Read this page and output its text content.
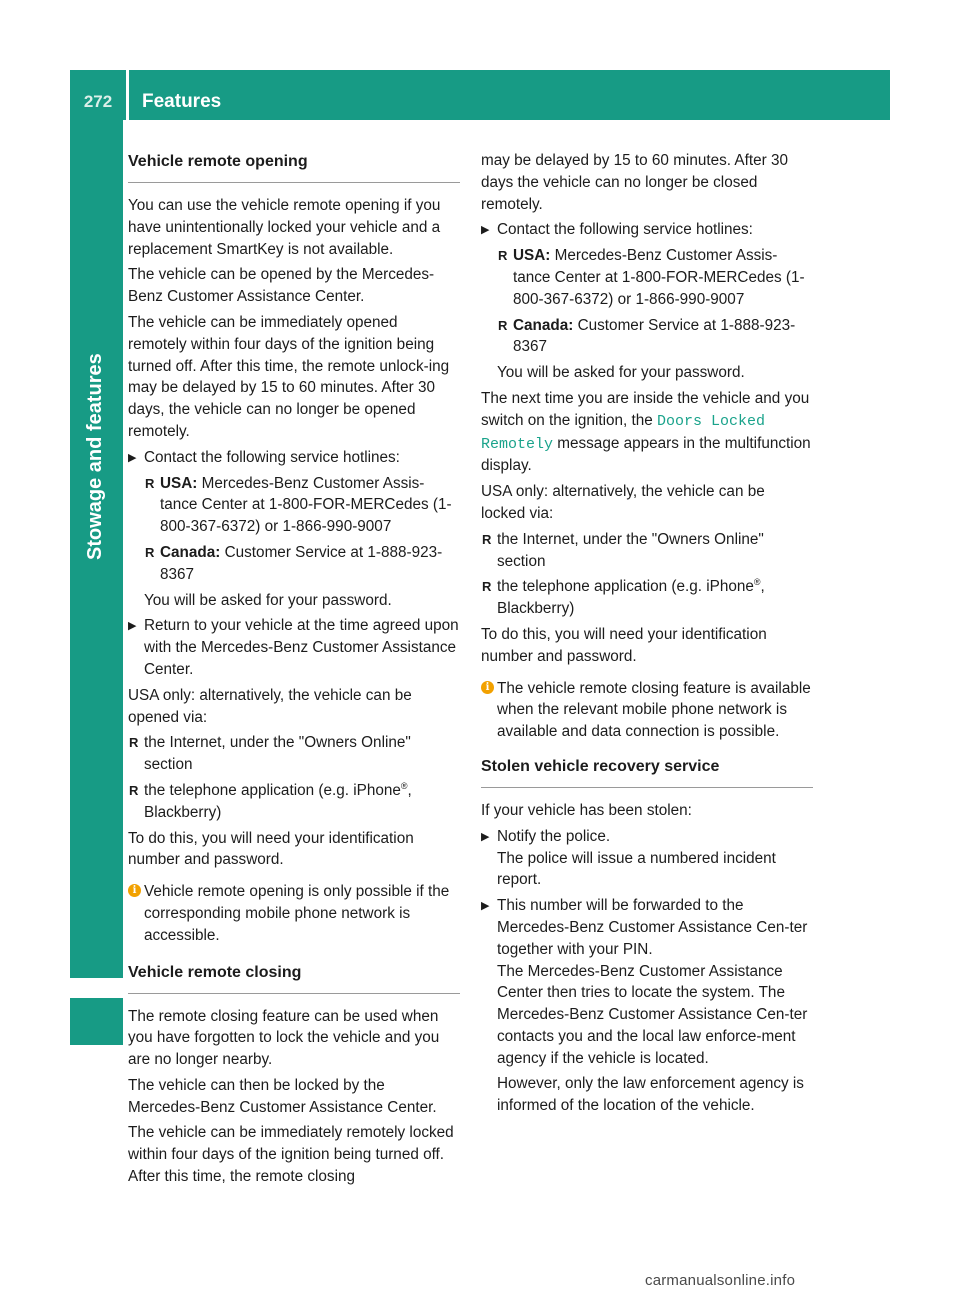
272	Features
Stowage and features
Vehicle remote opening

You can use the vehicle remote opening if you have unintentionally locked your vehicle and a replacement SmartKey is not available.

The vehicle can be opened by the Mercedes-Benz Customer Assistance Center.

The vehicle can be immediately opened remotely within four days of the ignition being turned off. After this time, the remote unlock-ing may be delayed by 15 to 60 minutes. After 30 days, the vehicle can no longer be opened remotely.

▶ Contact the following service hotlines:
R USA: Mercedes-Benz Customer Assis-tance Center at 1-800-FOR-MERCedes (1-800-367-6372) or 1-866-990-9007
R Canada: Customer Service at 1-888-923-8367
You will be asked for your password.
▶ Return to your vehicle at the time agreed upon with the Mercedes-Benz Customer Assistance Center.

USA only: alternatively, the vehicle can be opened via:

R the Internet, under the "Owners Online" section
R the telephone application (e.g. iPhone®, Blackberry)

To do this, you will need your identification number and password.

i Vehicle remote opening is only possible if the corresponding mobile phone network is accessible.
Vehicle remote closing

The remote closing feature can be used when you have forgotten to lock the vehicle and you are no longer nearby.

The vehicle can then be locked by the Mercedes-Benz Customer Assistance Center.

The vehicle can be immediately remotely locked within four days of the ignition being turned off. After this time, the remote closing

may be delayed by 15 to 60 minutes. After 30 days the vehicle can no longer be closed remotely.

▶ Contact the following service hotlines:
R USA: Mercedes-Benz Customer Assis-tance Center at 1-800-FOR-MERCedes (1-800-367-6372) or 1-866-990-9007
R Canada: Customer Service at 1-888-923-8367
You will be asked for your password.

The next time you are inside the vehicle and you switch on the ignition, the Doors Locked Remotely message appears in the multifunction display.

USA only: alternatively, the vehicle can be locked via:

R the Internet, under the "Owners Online" section
R the telephone application (e.g. iPhone®, Blackberry)

To do this, you will need your identification number and password.

i The vehicle remote closing feature is available when the relevant mobile phone network is available and data connection is possible.
Stolen vehicle recovery service

If your vehicle has been stolen:

▶ Notify the police.
The police will issue a numbered incident report.
▶ This number will be forwarded to the Mercedes-Benz Customer Assistance Cen-ter together with your PIN.
The Mercedes-Benz Customer Assistance Center then tries to locate the system. The Mercedes-Benz Customer Assistance Cen-ter contacts you and the local law enforce-ment agency if the vehicle is located.
However, only the law enforcement agency is informed of the location of the vehicle.
carmanualsonline.info
